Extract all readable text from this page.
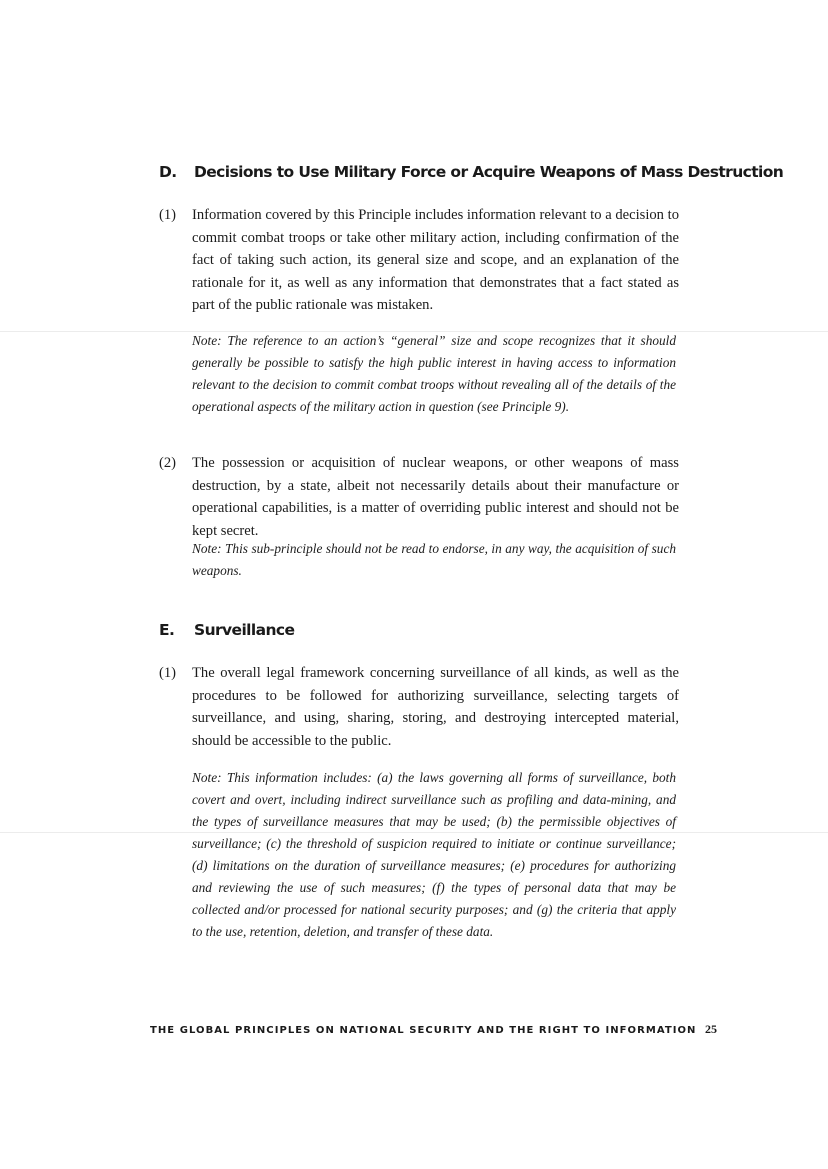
D. Decisions to Use Military Force or Acquire Weapons of Mass Destruction
(1) Information covered by this Principle includes information relevant to a decision to commit combat troops or take other military action, including confirmation of the fact of taking such action, its general size and scope, and an explanation of the rationale for it, as well as any information that demonstrates that a fact stated as part of the public rationale was mistaken.
Note: The reference to an action’s “general” size and scope recognizes that it should generally be possible to satisfy the high public interest in having access to information relevant to the decision to commit combat troops without revealing all of the details of the operational aspects of the military action in question (see Principle 9).
(2) The possession or acquisition of nuclear weapons, or other weapons of mass destruction, by a state, albeit not necessarily details about their manufacture or operational capabilities, is a matter of overriding public interest and should not be kept secret.
Note: This sub-principle should not be read to endorse, in any way, the acquisition of such weapons.
E. Surveillance
(1) The overall legal framework concerning surveillance of all kinds, as well as the procedures to be followed for authorizing surveillance, selecting targets of surveillance, and using, sharing, storing, and destroying intercepted material, should be accessible to the public.
Note: This information includes: (a) the laws governing all forms of surveillance, both covert and overt, including indirect surveillance such as profiling and data-mining, and the types of surveillance measures that may be used; (b) the permissible objectives of surveillance; (c) the threshold of suspicion required to initiate or continue surveillance; (d) limitations on the duration of surveillance measures; (e) procedures for authorizing and reviewing the use of such measures; (f) the types of personal data that may be collected and/or processed for national security purposes; and (g) the criteria that apply to the use, retention, deletion, and transfer of these data.
THE GLOBAL PRINCIPLES ON NATIONAL SECURITY AND THE RIGHT TO INFORMATION 25
